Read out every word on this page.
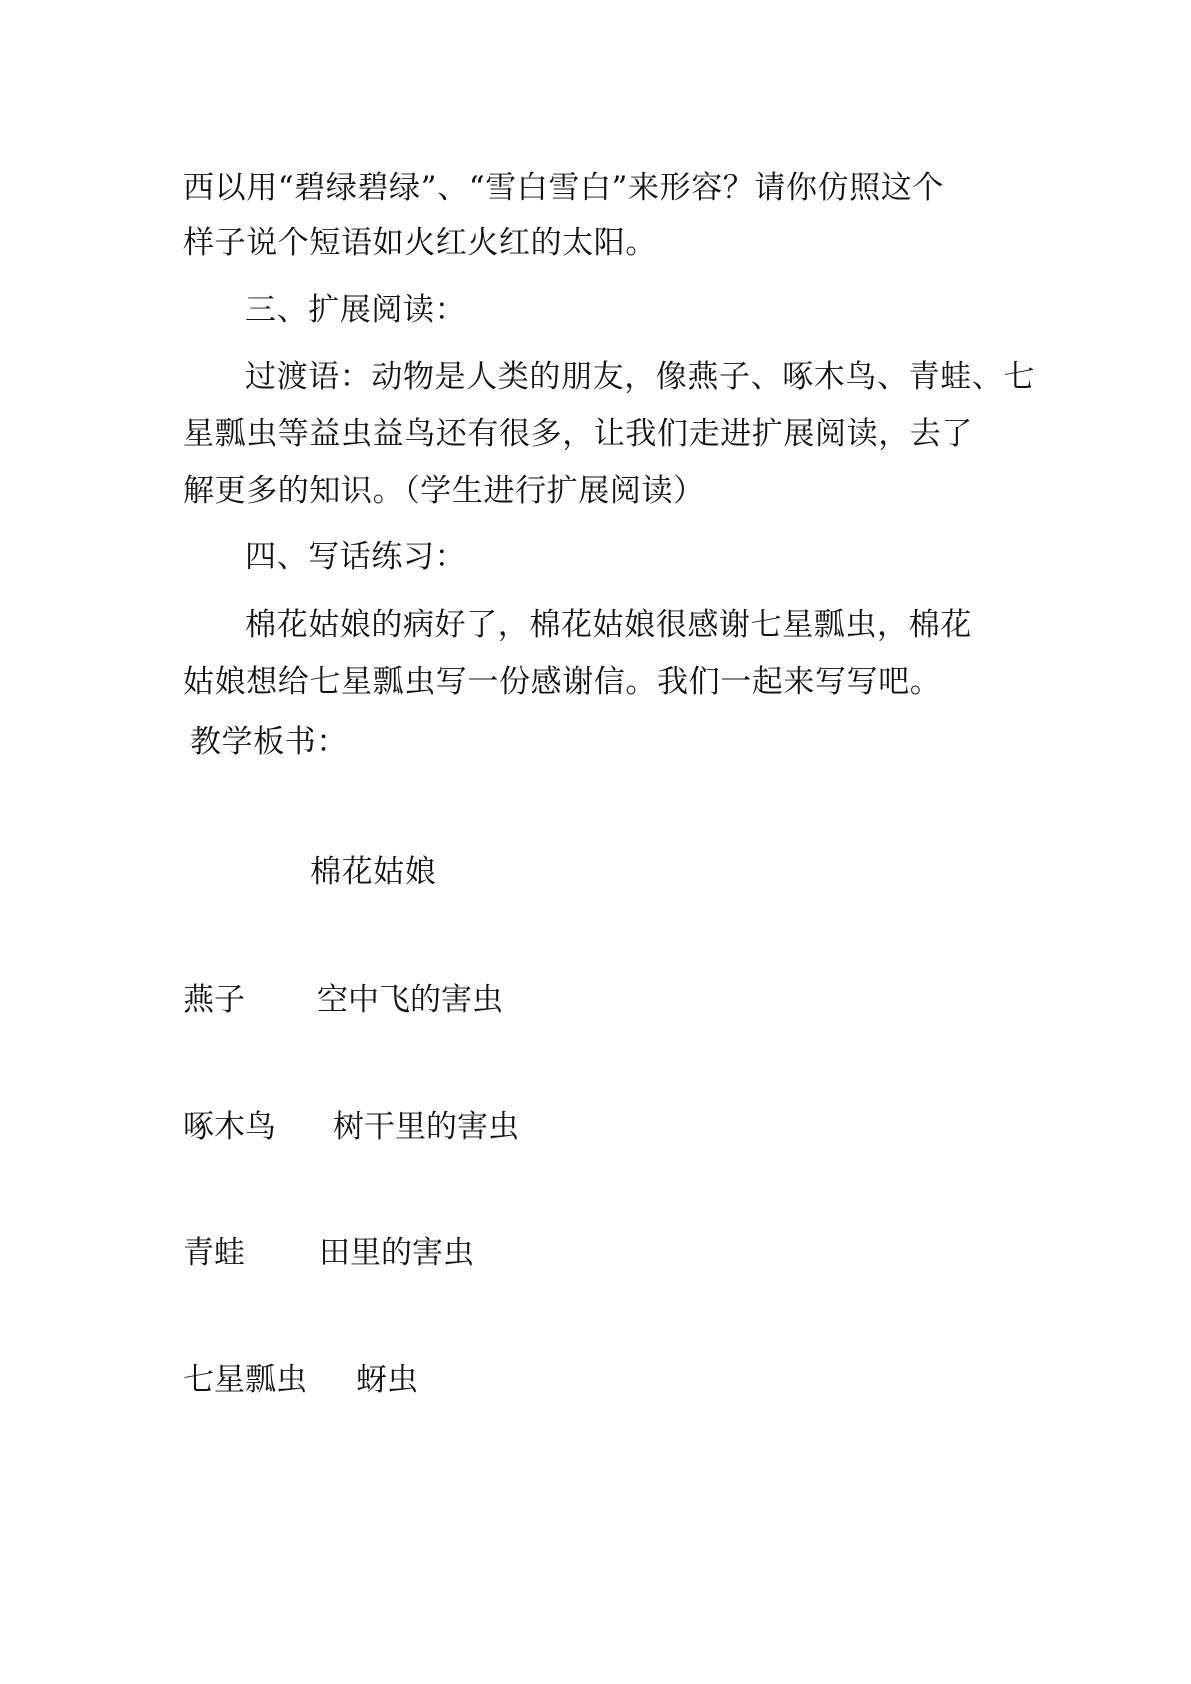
西以用“碧绿碧绿”、“雪白雪白”来形容？请你仿照这个

样子说个短语如火红火红的太阳。

三、扩展阅读：

过渡语：动物是人类的朋友，像燕子、啄木鸟、青蛙、七

星瓢虫等益虫益鸟还有很多，让我们走进扩展阅读，去了

解更多的知识。（学生进行扩展阅读）

四、写话练习：

棉花姑娘的病好了，棉花姑娘很感谢七星瓢虫，棉花

姑娘想给七星瓢虫写一份感谢信。我们一起来写写吧。

教学板书：

棉花姑娘

燕子 空中飞的害虫
啄木鸟 树干里的害虫
青蛙 田里的害虫
七星瓢虫 蚜虫
